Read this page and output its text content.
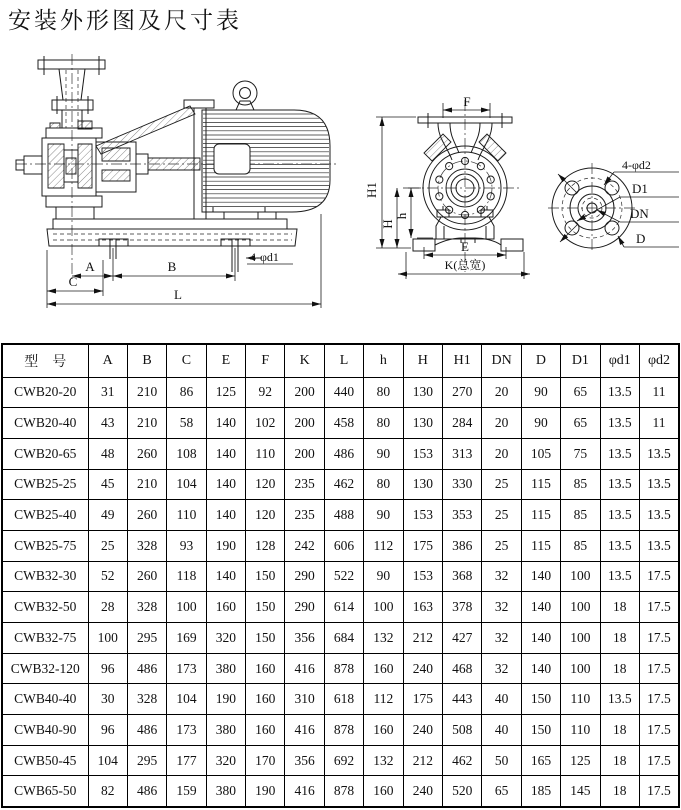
安装外形图及尺寸表
A	B
C
L
4-φd1
F
H1
H
h
E
K(总宽)
4-φd2
D1
DN
D
型　号	A	B	C	E	F	K	L	h	H	H1	DN	D	D1	φd1	φd2
CWB20-20	31	210	86	125	92	200	440	80	130	270	20	90	65	13.5	11
CWB20-40	43	210	58	140	102	200	458	80	130	284	20	90	65	13.5	11
CWB20-65	48	260	108	140	110	200	486	90	153	313	20	105	75	13.5	13.5
CWB25-25	45	210	104	140	120	235	462	80	130	330	25	115	85	13.5	13.5
CWB25-40	49	260	110	140	120	235	488	90	153	353	25	115	85	13.5	13.5
CWB25-75	25	328	93	190	128	242	606	112	175	386	25	115	85	13.5	13.5
CWB32-30	52	260	118	140	150	290	522	90	153	368	32	140	100	13.5	17.5
CWB32-50	28	328	100	160	150	290	614	100	163	378	32	140	100	18	17.5
CWB32-75	100	295	169	320	150	356	684	132	212	427	32	140	100	18	17.5
CWB32-120	96	486	173	380	160	416	878	160	240	468	32	140	100	18	17.5
CWB40-40	30	328	104	190	160	310	618	112	175	443	40	150	110	13.5	17.5
CWB40-90	96	486	173	380	160	416	878	160	240	508	40	150	110	18	17.5
CWB50-45	104	295	177	320	170	356	692	132	212	462	50	165	125	18	17.5
CWB65-50	82	486	159	380	190	416	878	160	240	520	65	185	145	18	17.5
